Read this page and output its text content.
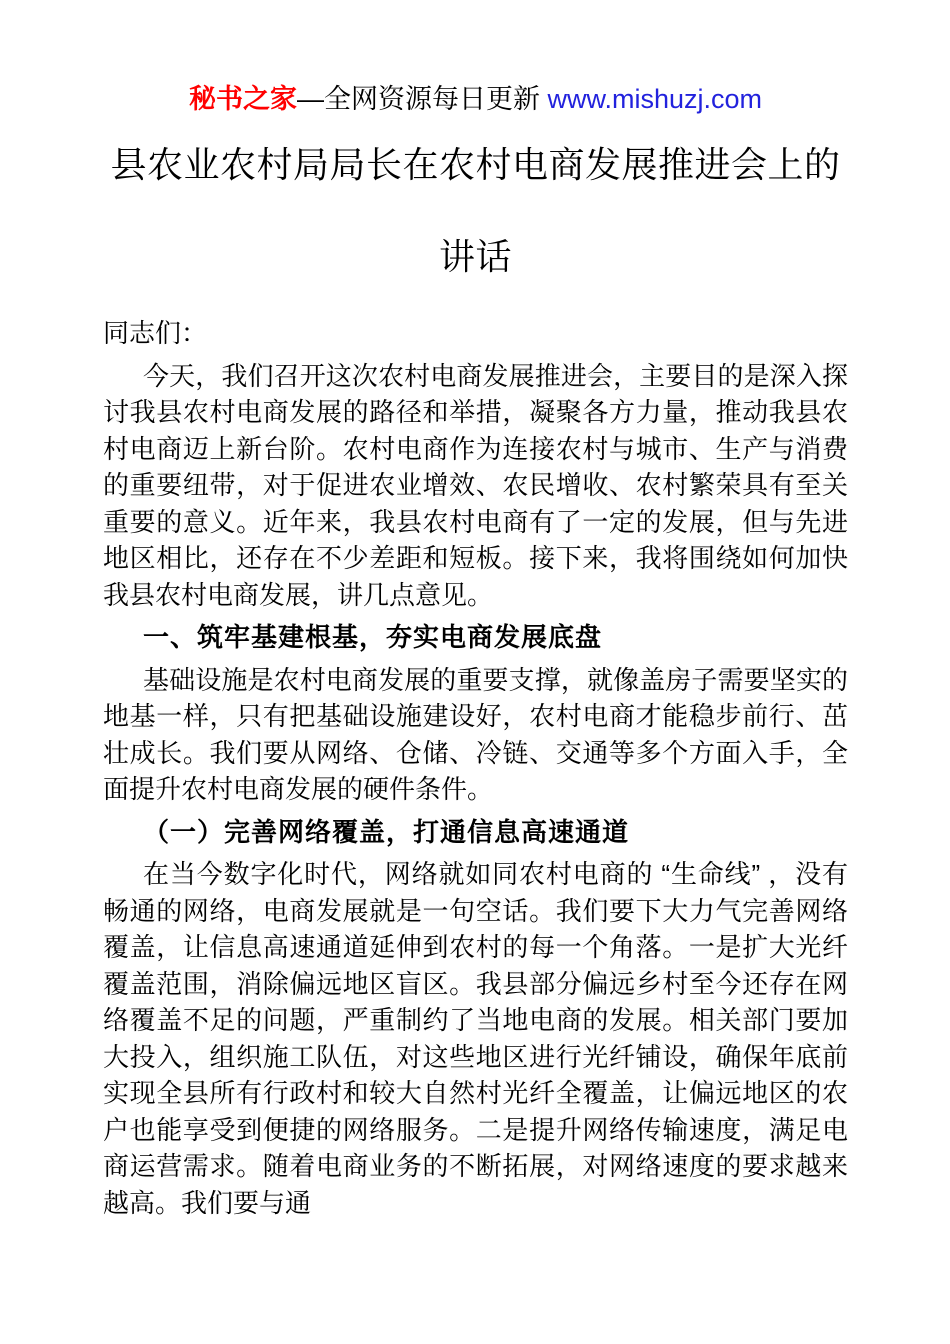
秘书之家—全网资源每日更新 www.mishuzj.com
县农业农村局局长在农村电商发展推进会上的
讲话

同志们：

今天，我们召开这次农村电商发展推进会，主要目的是深入探讨我县农村电商发展的路径和举措，凝聚各方力量，推动我县农村电商迈上新台阶。农村电商作为连接农村与城市、生产与消费的重要纽带，对于促进农业增效、农民增收、农村繁荣具有至关重要的意义。近年来，我县农村电商有了一定的发展，但与先进地区相比，还存在不少差距和短板。接下来，我将围绕如何加快我县农村电商发展，讲几点意见。

一、筑牢基建根基，夯实电商发展底盘

基础设施是农村电商发展的重要支撑，就像盖房子需要坚实的地基一样，只有把基础设施建设好，农村电商才能稳步前行、茁壮成长。我们要从网络、仓储、冷链、交通等多个方面入手，全面提升农村电商发展的硬件条件。

（一）完善网络覆盖，打通信息高速通道

在当今数字化时代，网络就如同农村电商的 “生命线” ，没有畅通的网络，电商发展就是一句空话。我们要下大力气完善网络覆盖，让信息高速通道延伸到农村的每一个角落。一是扩大光纤覆盖范围，消除偏远地区盲区。我县部分偏远乡村至今还存在网络覆盖不足的问题，严重制约了当地电商的发展。相关部门要加大投入，组织施工队伍，对这些地区进行光纤铺设，确保年底前实现全县所有行政村和较大自然村光纤全覆盖，让偏远地区的农户也能享受到便捷的网络服务。二是提升网络传输速度，满足电商运营需求。随着电商业务的不断拓展，对网络速度的要求越来越高。我们要与通
